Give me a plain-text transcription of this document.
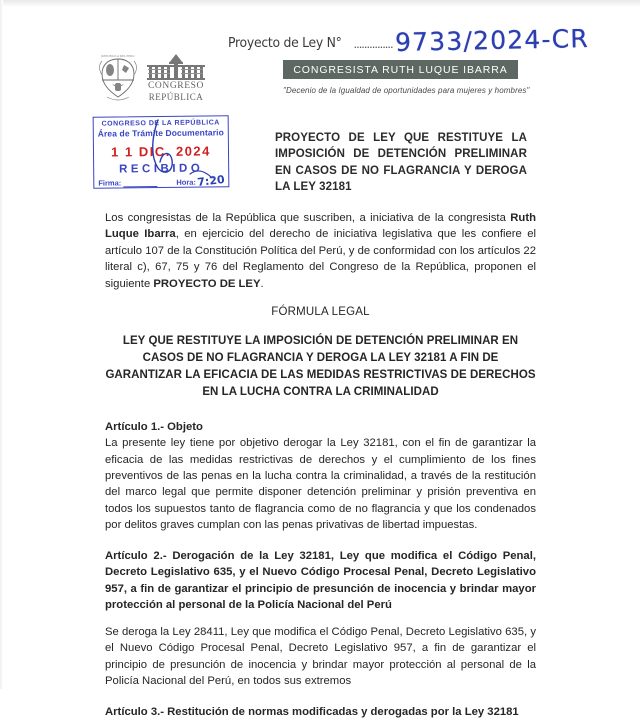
Proyecto de Ley N° ............... 9733/2024-CR
REPUBLICA DEL PERU
CONGRESO
REPÚBLICA
CONGRESISTA RUTH LUQUE IBARRA
"Decenio de la Igualdad de oportunidades para mujeres y hombres"
CONGRESO DE LA REPÚBLICA
Área de Trámite Documentario
1 1 DIC. 2024
RECIBIDO
Firma:	Hora: 7:20
PROYECTO DE LEY QUE RESTITUYE LA IMPOSICIÓN DE DETENCIÓN PRELIMINAR EN CASOS DE NO FLAGRANCIA Y DEROGA LA LEY 32181

Los congresistas de la República que suscriben, a iniciativa de la congresista Ruth Luque Ibarra, en ejercicio del derecho de iniciativa legislativa que les confiere el artículo 107 de la Constitución Política del Perú, y de conformidad con los artículos 22 literal c), 67, 75 y 76 del Reglamento del Congreso de la República, proponen el siguiente PROYECTO DE LEY.

FÓRMULA LEGAL
LEY QUE RESTITUYE LA IMPOSICIÓN DE DETENCIÓN PRELIMINAR EN CASOS DE NO FLAGRANCIA Y DEROGA LA LEY 32181 A FIN DE GARANTIZAR LA EFICACIA DE LAS MEDIDAS RESTRICTIVAS DE DERECHOS EN LA LUCHA CONTRA LA CRIMINALIDAD
Artículo 1.- Objeto

La presente ley tiene por objetivo derogar la Ley 32181, con el fin de garantizar la eficacia de las medidas restrictivas de derechos y el cumplimiento de los fines preventivos de las penas en la lucha contra la criminalidad, a través de la restitución del marco legal que permite disponer detención preliminar y prisión preventiva en todos los supuestos tanto de flagrancia como de no flagrancia y que los condenados por delitos graves cumplan con las penas privativas de libertad impuestas.

Artículo 2.- Derogación de la Ley 32181, Ley que modifica el Código Penal, Decreto Legislativo 635, y el Nuevo Código Procesal Penal, Decreto Legislativo 957, a fin de garantizar el principio de presunción de inocencia y brindar mayor protección al personal de la Policía Nacional del Perú

Se deroga la Ley 28411, Ley que modifica el Código Penal, Decreto Legislativo 635, y el Nuevo Código Procesal Penal, Decreto Legislativo 957, a fin de garantizar el principio de presunción de inocencia y brindar mayor protección al personal de la Policía Nacional del Perú, en todos sus extremos

Artículo 3.- Restitución de normas modificadas y derogadas por la Ley 32181
